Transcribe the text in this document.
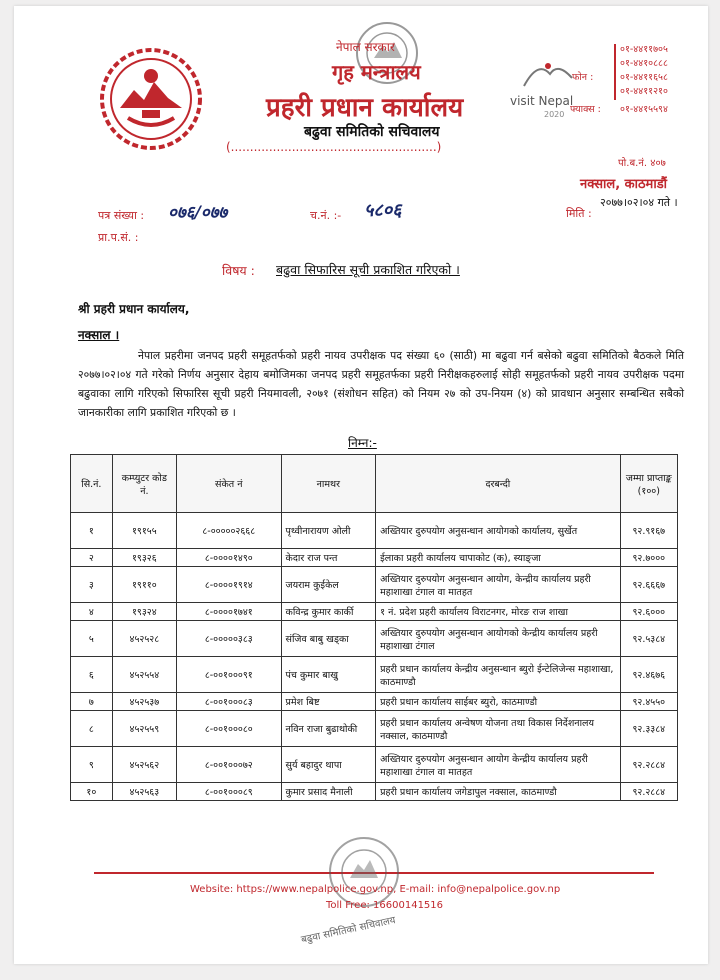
नेपाल सरकार
गृह मन्त्रालय
प्रहरी प्रधान कार्यालय
बढुवा समितिको सचिवालय
(......................................................)
visit Nepal
2020
फोन :
०१-४४११७०५
०१-४४१०८८८
०१-४४११६५८
०१-४४११२१०
फ्याक्स : ०१-४४१५५९४
पो.ब.नं. ४०७
नक्साल, काठमाडौं
पत्र संख्या : ०७६/०७७	च.नं. :- ५८०६	मिति :
२०७७।०२।०४ गते ।
प्रा.प.सं. :
विषय : बढुवा सिफारिस सूची प्रकाशित गरिएको ।
श्री प्रहरी प्रधान कार्यालय,
नक्साल ।
नेपाल प्रहरीमा जनपद प्रहरी समूहतर्फको प्रहरी नायव उपरीक्षक पद संख्या ६० (साठी) मा बढुवा गर्न बसेको बढुवा समितिको बैठकले मिति २०७७।०२।०४ गते गरेको निर्णय अनुसार देहाय बमोजिमका जनपद प्रहरी समूहतर्फका प्रहरी निरीक्षकहरुलाई सोही समूहतर्फको प्रहरी नायव उपरीक्षक पदमा बढुवाका लागि गरिएको सिफारिस सूची प्रहरी नियमावली, २०७१ (संशोधन सहित) को नियम २७ को उप-नियम (४) को प्रावधान अनुसार सम्बन्धित सबैको जानकारीका लागि प्रकाशित गरिएको छ ।
निम्न:-
सि.नं.	कम्प्युटर कोड नं.	संकेत नं	नामथर	दरबन्दी	जम्मा प्राप्ताङ्क (१००)
१	१९१५५	८-०००००२६६८	पृथ्वीनारायण ओली	अख्तियार दुरुपयोग अनुसन्धान आयोगको कार्यालय, सुर्खेत	९२.९१६७
२	१९३२६	८-००००१४९०	केदार राज पन्त	ईलाका प्रहरी कार्यालय चापाकोट (क), स्याङ्जा	९२.७०००
३	१९११०	८-००००१९१४	जयराम कुईकेल	अख्तियार दुरुपयोग अनुसन्धान आयोग, केन्द्रीय कार्यालय प्रहरी महाशाखा टंगाल वा मातहत	९२.६६६७
४	१९३२४	८-००००१७४१	कविन्द्र कुमार कार्की	१ नं. प्रदेश प्रहरी कार्यालय विराटनगर, मोरङ राज शाखा	९२.६०००
५	४५२५२८	८-०००००३८३	संजिव बाबु खड्का	अख्तियार दुरुपयोग अनुसन्धान आयोगको केन्द्रीय कार्यालय प्रहरी महाशाखा टंगाल	९२.५३८४
६	४५२५५४	८-००१०००९१	पंच कुमार बाखु	प्रहरी प्रधान कार्यालय केन्द्रीय अनुसन्धान ब्युरो ईन्टेलिजेन्स महाशाखा, काठमाण्डौ	९२.४६७६
७	४५२५३७	८-००१०००८३	प्रमेश बिष्ट	प्रहरी प्रधान कार्यालय साईबर ब्युरो, काठमाण्डौ	९२.४५५०
८	४५२५५९	८-००१०००८०	नविन राजा बुढाथोकी	प्रहरी प्रधान कार्यालय अन्वेषण योजना तथा विकास निर्देशनालय नक्साल, काठमाण्डौ	९२.३३८४
९	४५२५६२	८-००१०००७२	सुर्य बहादुर थापा	अख्तियार दुरुपयोग अनुसन्धान आयोग केन्द्रीय कार्यालय प्रहरी महाशाखा टंगाल वा मातहत	९२.२८८४
१०	४५२५६३	८-००१०००८९	कुमार प्रसाद मैनाली	प्रहरी प्रधान कार्यालय जगेडापुल नक्साल, काठमाण्डौ	९२.२८८४
Website: https://www.nepalpolice.gov.np, E-mail: info@nepalpolice.gov.np
Toll Free: 16600141516
बढुवा समितिको सचिवालय
